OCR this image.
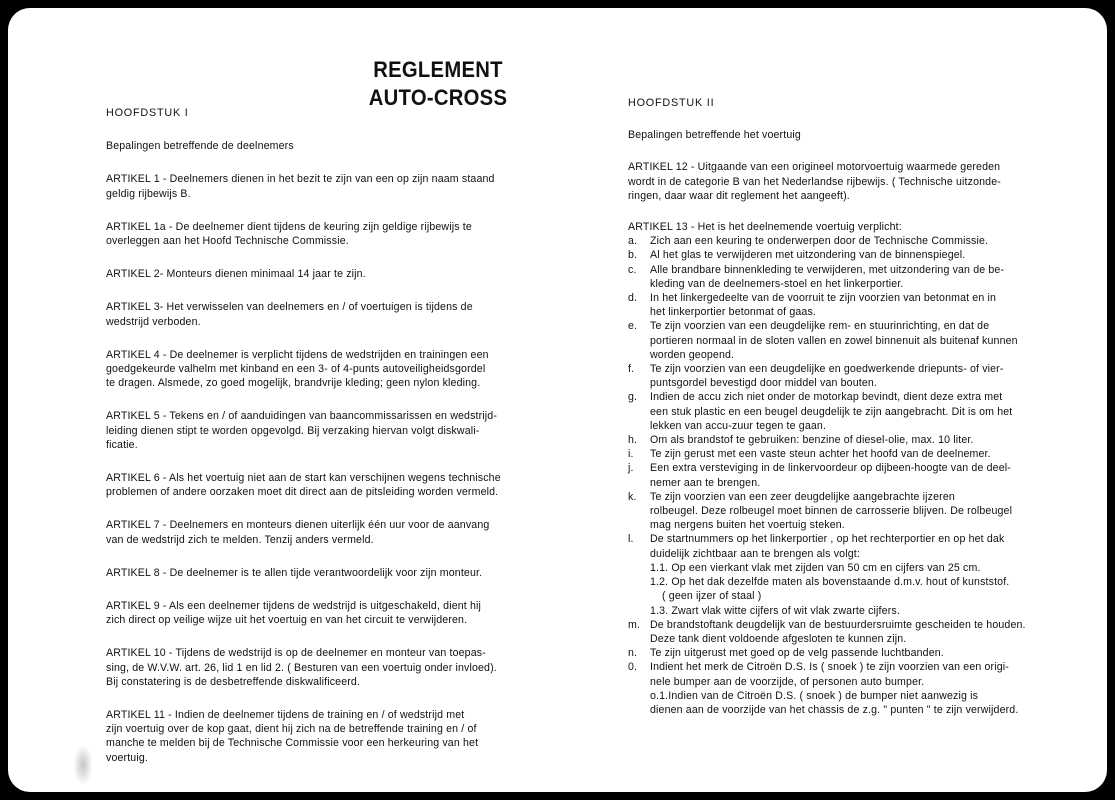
REGLEMENT
AUTO-CROSS
HOOFDSTUK I
Bepalingen betreffende de deelnemers

ARTIKEL 1 - Deelnemers dienen in het bezit te zijn van een op zijn naam staand

geldig rijbewijs B.

ARTIKEL 1a - De deelnemer dient tijdens de keuring zijn geldige rijbewijs te

overleggen aan het Hoofd Technische Commissie.

ARTIKEL 2- Monteurs dienen minimaal 14 jaar te zijn.

ARTIKEL 3- Het verwisselen van deelnemers en / of voertuigen is tijdens de

wedstrijd verboden.

ARTIKEL 4 - De deelnemer is verplicht tijdens de wedstrijden en trainingen een

goedgekeurde valhelm met kinband en een 3- of 4-punts autoveiligheidsgordel

te dragen. Alsmede, zo goed mogelijk, brandvrije kleding; geen nylon kleding.

ARTIKEL 5 - Tekens en / of aanduidingen van baancommissarissen en wedstrijd-

leiding dienen stipt te worden opgevolgd. Bij verzaking hiervan volgt diskwali-

ficatie.

ARTIKEL 6 - Als het voertuig niet aan de start kan verschijnen wegens technische

problemen of andere oorzaken moet dit direct aan de pitsleiding worden vermeld.

ARTIKEL 7 - Deelnemers en monteurs dienen uiterlijk één uur voor de aanvang

van de wedstrijd zich te melden. Tenzij anders vermeld.

ARTIKEL 8 - De deelnemer is te allen tijde verantwoordelijk voor zijn monteur.

ARTIKEL 9 - Als een deelnemer tijdens de wedstrijd is uitgeschakeld, dient hij

zich direct op veilige wijze uit het voertuig en van het circuit te verwijderen.

ARTIKEL 10 - Tijdens de wedstrijd is op de deelnemer en monteur van toepas-

sing, de W.V.W. art. 26, lid 1 en lid 2. ( Besturen van een voertuig onder invloed).

Bij constatering is de desbetreffende diskwalificeerd.

ARTIKEL 11 - Indien de deelnemer tijdens de training en / of wedstrijd met

zijn voertuig over de kop gaat, dient hij zich na de betreffende training en / of

manche te melden bij de Technische Commissie voor een herkeuring van het

voertuig.

HOOFDSTUK II
Bepalingen betreffende het voertuig

ARTIKEL 12 - Uitgaande van een origineel motorvoertuig waarmede gereden

wordt in de categorie B van het Nederlandse rijbewijs. ( Technische uitzonde-

ringen, daar waar dit reglement het aangeeft).

ARTIKEL 13 - Het is het deelnemende voertuig verplicht:

a.	Zich aan een keuring te onderwerpen door de Technische Commissie.

b.	Al het glas te verwijderen met uitzondering van de binnenspiegel.

c.	Alle brandbare binnenkleding te verwijderen, met uitzondering van de be-

kleding van de deelnemers-stoel en het linkerportier.

d.	In het linkergedeelte van de voorruit te zijn voorzien van betonmat en in

het linkerportier betonmat of gaas.

e.	Te zijn voorzien van een deugdelijke rem- en stuurinrichting, en dat de

portieren normaal in de sloten vallen en zowel binnenuit als buitenaf kunnen

worden geopend.

f.	Te zijn voorzien van een deugdelijke en goedwerkende driepunts- of vier-

puntsgordel bevestigd door middel van bouten.

g.	Indien de accu zich niet onder de motorkap bevindt, dient deze extra met

een stuk plastic en een beugel deugdelijk te zijn aangebracht. Dit is om het

lekken van accu-zuur tegen te gaan.

h.	Om als brandstof te gebruiken: benzine of diesel-olie, max. 10 liter.

i.	Te zijn gerust met een vaste steun achter het hoofd van de deelnemer.

j.	Een extra versteviging in de linkervoordeur op dijbeen-hoogte van de deel-

nemer aan te brengen.

k.	Te zijn voorzien van een zeer deugdelijke aangebrachte ijzeren

rolbeugel. Deze rolbeugel moet binnen de carrosserie blijven. De rolbeugel

mag nergens buiten het voertuig steken.

l.	De startnummers op het linkerportier , op het rechterportier en op het dak

duidelijk zichtbaar aan te brengen als volgt:

1.1. Op een vierkant vlak met zijden van 50 cm en cijfers van 25 cm.

1.2. Op het dak dezelfde maten als bovenstaande d.m.v. hout of kunststof.

( geen ijzer of staal )

1.3. Zwart vlak witte cijfers of wit vlak zwarte cijfers.

m. De brandstoftank deugdelijk van de bestuurdersruimte gescheiden te houden.

Deze tank dient voldoende afgesloten te kunnen zijn.

n.	Te zijn uitgerust met goed op de velg passende luchtbanden.

0.	Indient het merk de Citroën D.S. Is ( snoek ) te zijn voorzien van een origi-

nele bumper aan de voorzijde, of personen auto bumper.

o.1.Indien van de Citroën D.S. ( snoek ) de bumper niet aanwezig is

dienen aan de voorzijde van het chassis de z.g. " punten " te zijn verwijderd.
